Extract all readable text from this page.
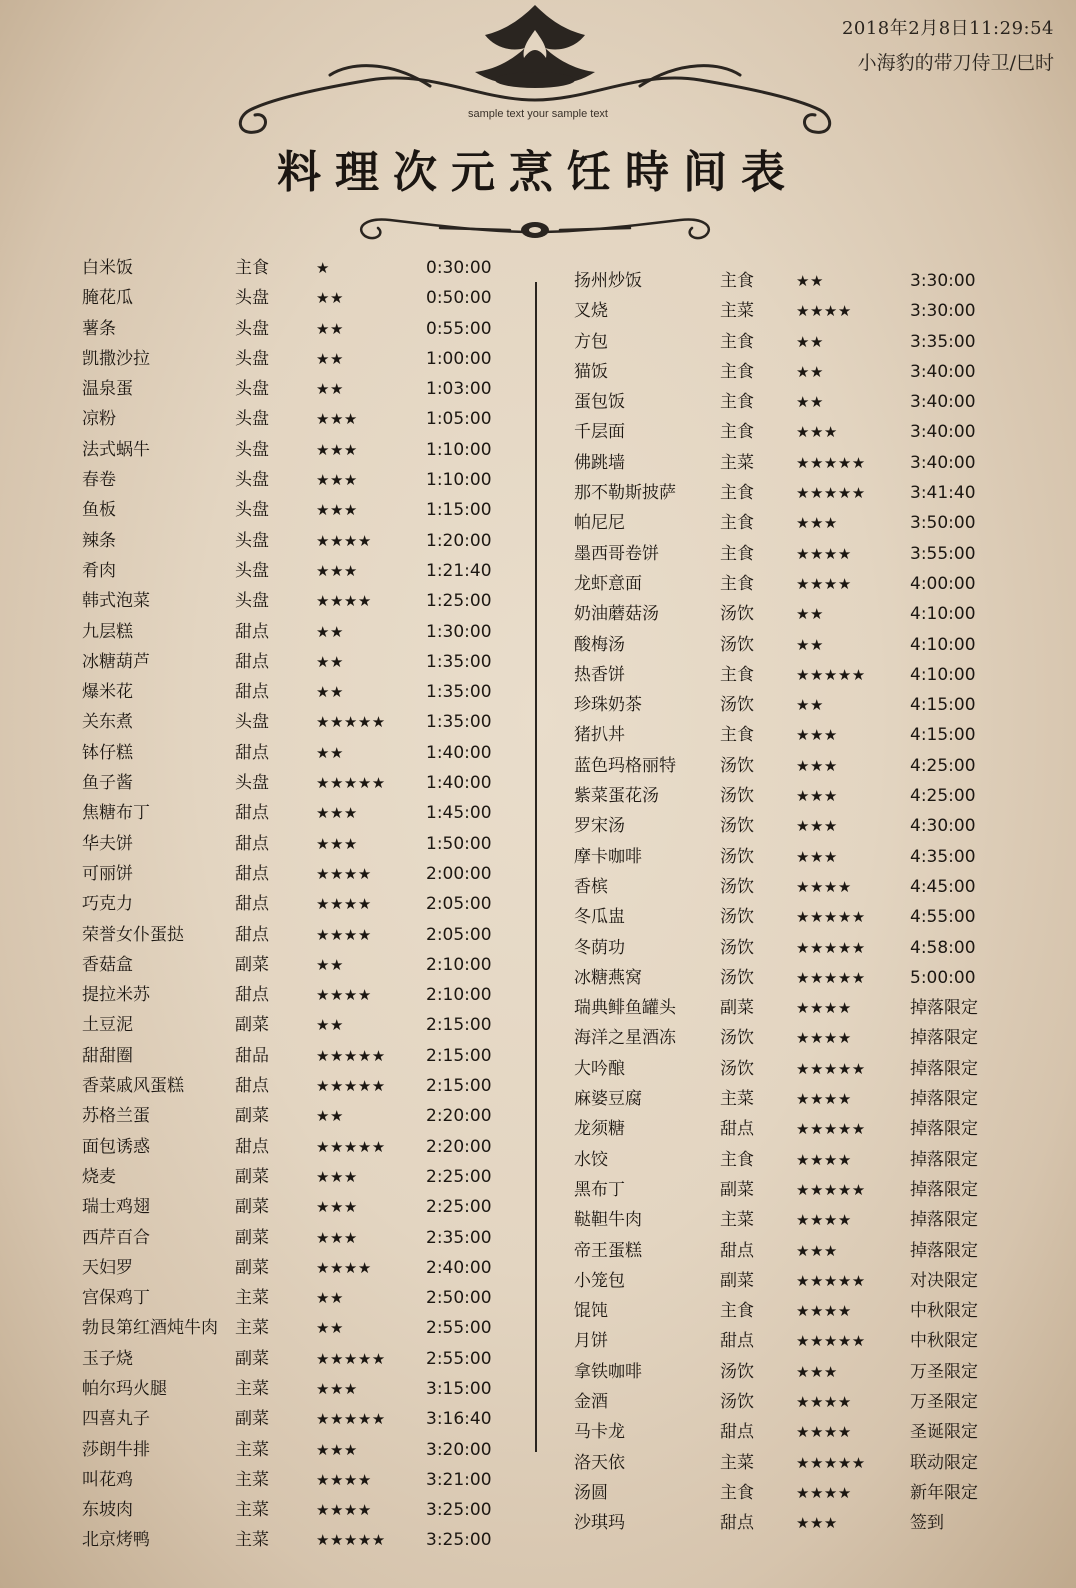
2018年2月8日11:29:54
小海豹的带刀侍卫/巳时
sample text your sample text
料理次元烹饪時间表
白米饭	主食	★	0:30:00
腌花瓜	头盘	★★	0:50:00
薯条	头盘	★★	0:55:00
凯撒沙拉	头盘	★★	1:00:00
温泉蛋	头盘	★★	1:03:00
凉粉	头盘	★★★	1:05:00
法式蜗牛	头盘	★★★	1:10:00
春卷	头盘	★★★	1:10:00
鱼板	头盘	★★★	1:15:00
辣条	头盘	★★★★	1:20:00
肴肉	头盘	★★★	1:21:40
韩式泡菜	头盘	★★★★	1:25:00
九层糕	甜点	★★	1:30:00
冰糖葫芦	甜点	★★	1:35:00
爆米花	甜点	★★	1:35:00
关东煮	头盘	★★★★★ 1:35:00
钵仔糕	甜点	★★	1:40:00
鱼子酱	头盘	★★★★★ 1:40:00
焦糖布丁	甜点	★★★	1:45:00
华夫饼	甜点	★★★	1:50:00
可丽饼	甜点	★★★★	2:00:00
巧克力	甜点	★★★★	2:05:00
荣誉女仆蛋挞	甜点	★★★★	2:05:00
香菇盒	副菜	★★	2:10:00
提拉米苏	甜点	★★★★	2:10:00
土豆泥	副菜	★★	2:15:00
甜甜圈	甜品	★★★★★ 2:15:00
香菜戚风蛋糕	甜点	★★★★★ 2:15:00
苏格兰蛋	副菜	★★	2:20:00
面包诱惑	甜点	★★★★★ 2:20:00
烧麦	副菜	★★★	2:25:00
瑞士鸡翅	副菜	★★★	2:25:00
西芹百合	副菜	★★★	2:35:00
天妇罗	副菜	★★★★	2:40:00
宫保鸡丁	主菜	★★	2:50:00
勃艮第红酒炖牛肉 主菜	★★	2:55:00
玉子烧	副菜	★★★★★ 2:55:00
帕尔玛火腿	主菜	★★★	3:15:00
四喜丸子	副菜	★★★★★ 3:16:40
莎朗牛排	主菜	★★★	3:20:00
叫花鸡	主菜	★★★★	3:21:00
东坡肉	主菜	★★★★	3:25:00
北京烤鸭	主菜	★★★★★ 3:25:00
扬州炒饭	主食	★★	3:30:00
叉烧	主菜	★★★★	3:30:00
方包	主食	★★	3:35:00
猫饭	主食	★★	3:40:00
蛋包饭	主食	★★	3:40:00
千层面	主食	★★★	3:40:00
佛跳墙	主菜	★★★★★	3:40:00
那不勒斯披萨	主食	★★★★★	3:41:40
帕尼尼	主食	★★★	3:50:00
墨西哥卷饼	主食	★★★★	3:55:00
龙虾意面	主食	★★★★	4:00:00
奶油蘑菇汤	汤饮	★★	4:10:00
酸梅汤	汤饮	★★	4:10:00
热香饼	主食	★★★★★	4:10:00
珍珠奶茶	汤饮	★★	4:15:00
猪扒丼	主食	★★★	4:15:00
蓝色玛格丽特	汤饮	★★★	4:25:00
紫菜蛋花汤	汤饮	★★★	4:25:00
罗宋汤	汤饮	★★★	4:30:00
摩卡咖啡	汤饮	★★★	4:35:00
香槟	汤饮	★★★★	4:45:00
冬瓜盅	汤饮	★★★★★	4:55:00
冬荫功	汤饮	★★★★★	4:58:00
冰糖燕窝	汤饮	★★★★★	5:00:00
瑞典鲱鱼罐头	副菜	★★★★	掉落限定
海洋之星酒冻	汤饮	★★★★	掉落限定
大吟酿	汤饮	★★★★★	掉落限定
麻婆豆腐	主菜	★★★★	掉落限定
龙须糖	甜点	★★★★★	掉落限定
水饺	主食	★★★★	掉落限定
黑布丁	副菜	★★★★★	掉落限定
鞑靼牛肉	主菜	★★★★	掉落限定
帝王蛋糕	甜点	★★★	掉落限定
小笼包	副菜	★★★★★	对决限定
馄饨	主食	★★★★	中秋限定
月饼	甜点	★★★★★	中秋限定
拿铁咖啡	汤饮	★★★	万圣限定
金酒	汤饮	★★★★	万圣限定
马卡龙	甜点	★★★★	圣诞限定
洛天依	主菜	★★★★★	联动限定
汤圆	主食	★★★★	新年限定
沙琪玛	甜点	★★★	签到
